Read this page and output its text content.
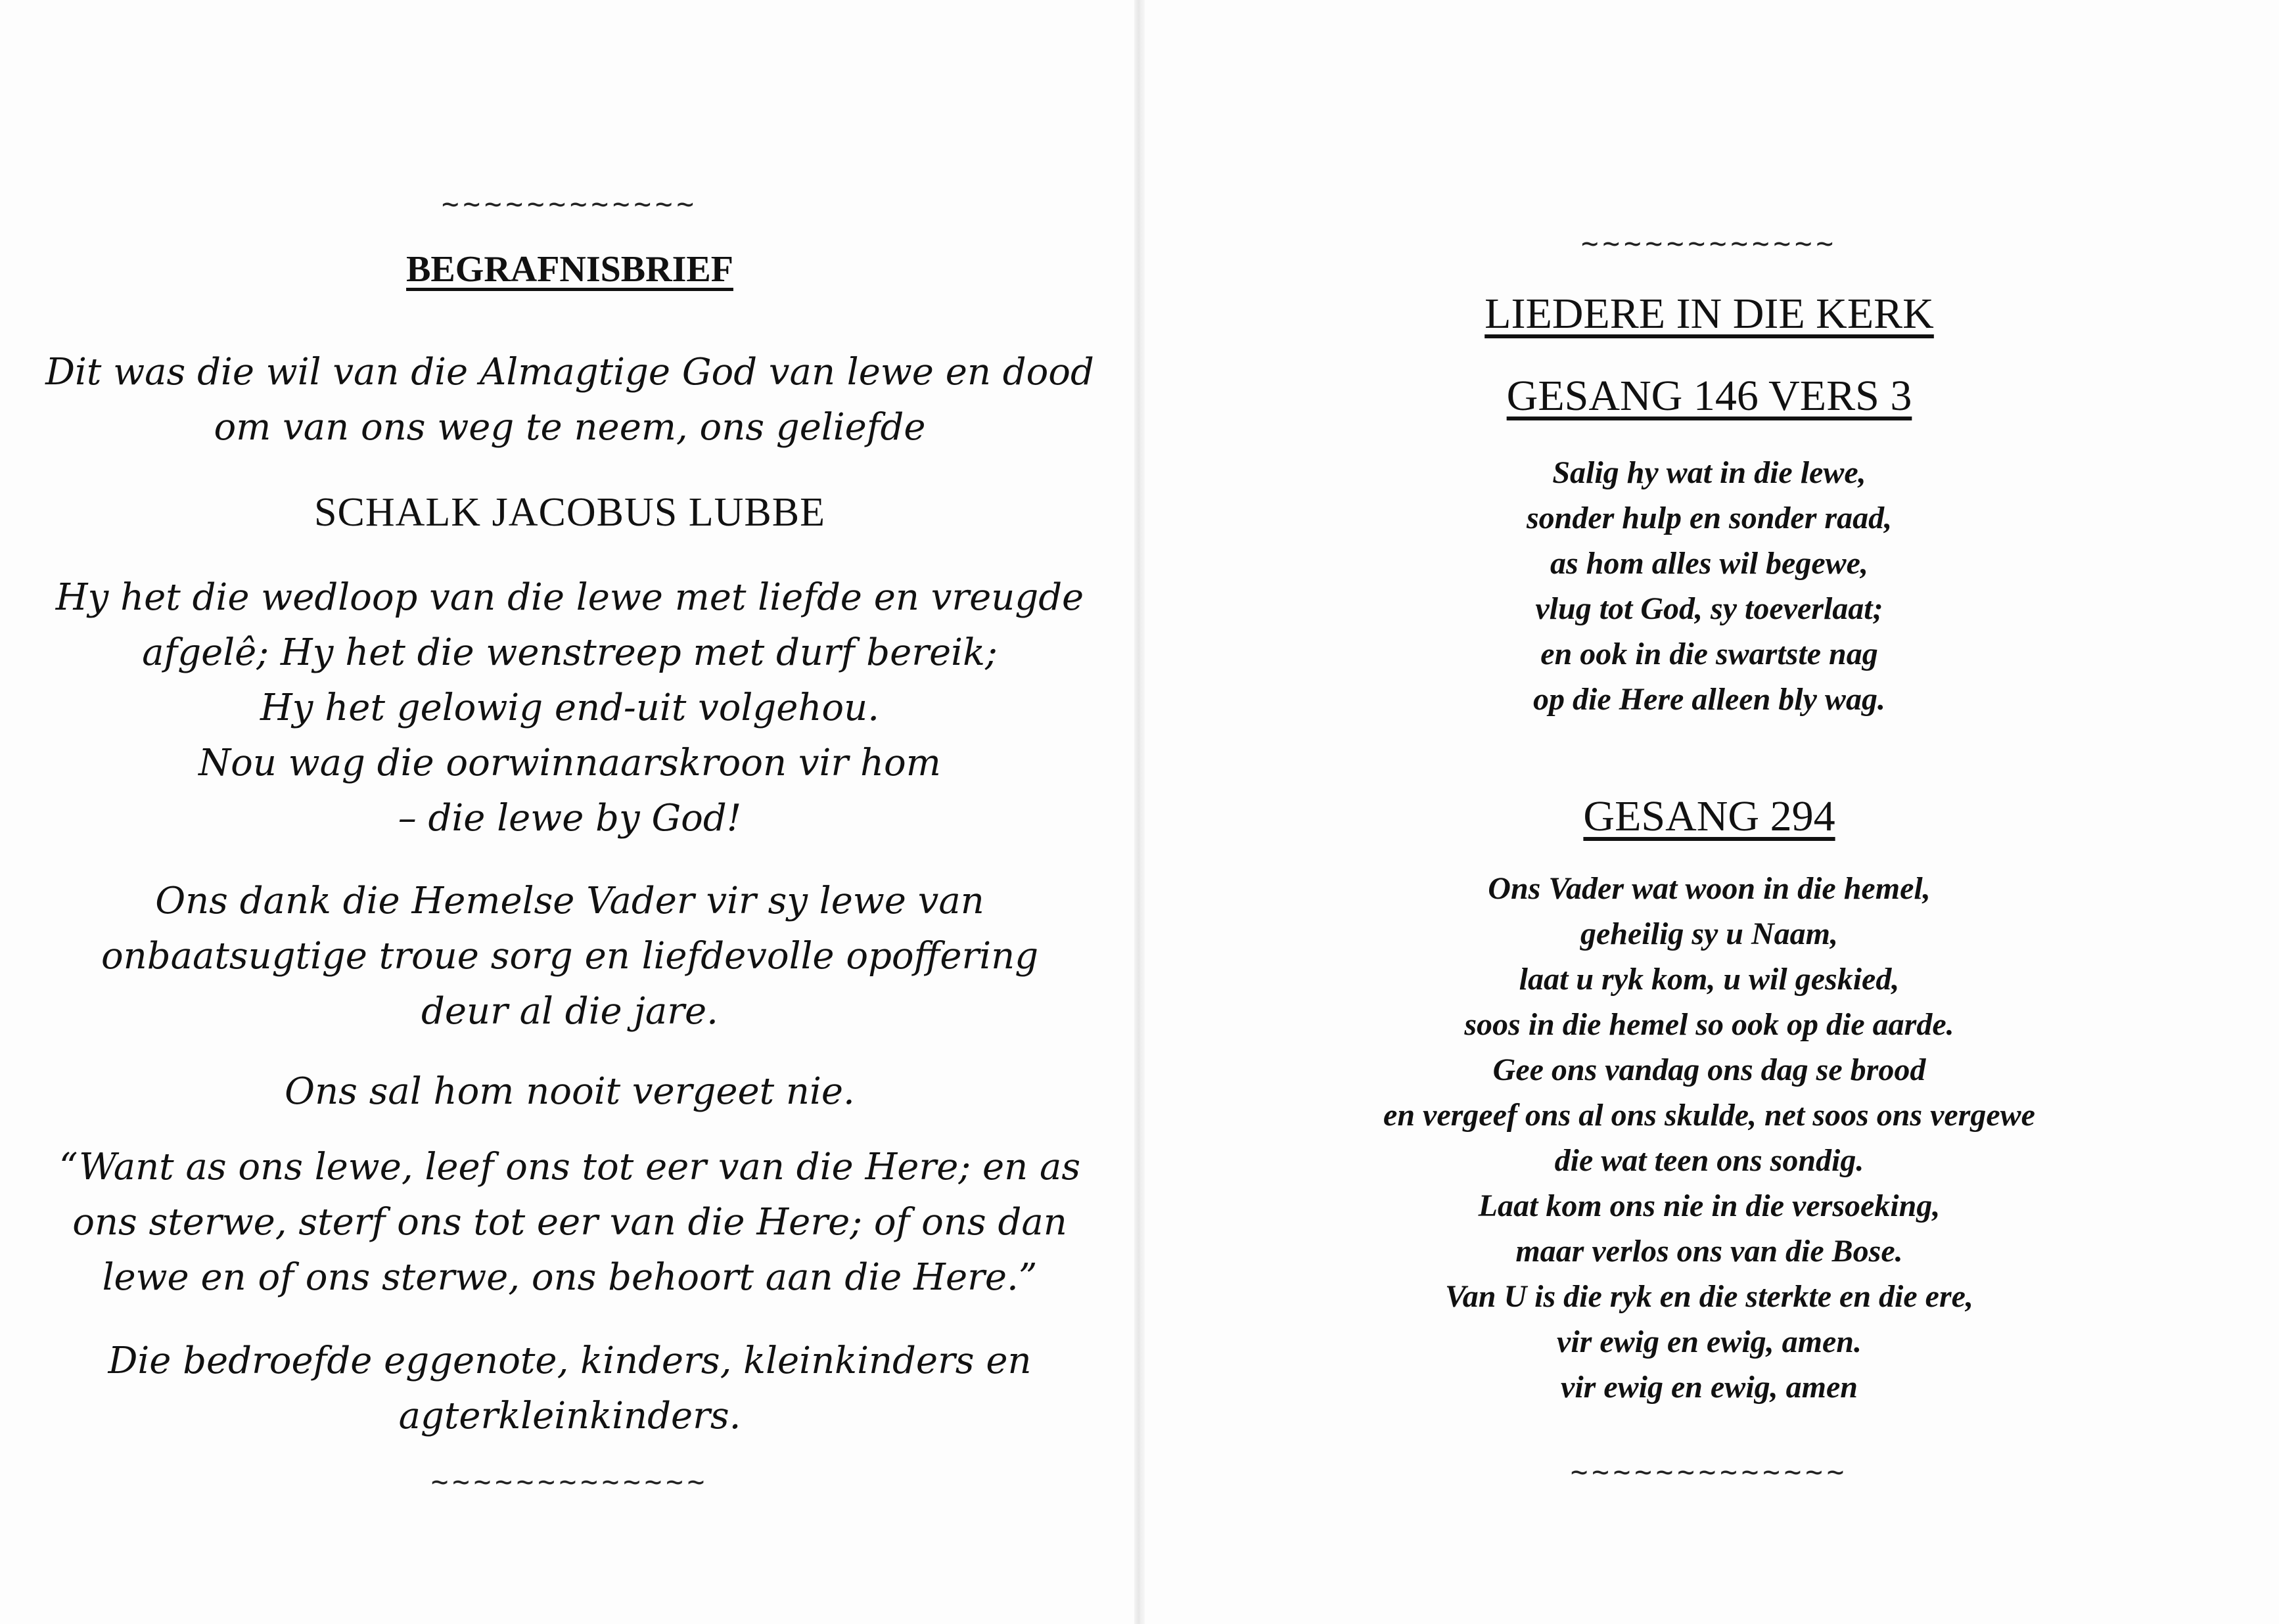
~~~~~~~~~~~~
BEGRAFNISBRIEF
Dit was die wil van die Almagtige God van lewe en dood
om van ons weg te neem, ons geliefde
SCHALK JACOBUS LUBBE
Hy het die wedloop van die lewe met liefde en vreugde
afgelê; Hy het die wenstreep met durf bereik;
Hy het gelowig end-uit volgehou.
Nou wag die oorwinnaarskroon vir hom
– die lewe by God!
Ons dank die Hemelse Vader vir sy lewe van
onbaatsugtige troue sorg en liefdevolle opoffering
deur al die jare.
Ons sal hom nooit vergeet nie.
“Want as ons lewe, leef ons tot eer van die Here; en as
ons sterwe, sterf ons tot eer van die Here; of ons dan
lewe en of ons sterwe, ons behoort aan die Here.”
Die bedroefde eggenote, kinders, kleinkinders en
agterkleinkinders.
~~~~~~~~~~~~~
~~~~~~~~~~~~
LIEDERE IN DIE KERK
GESANG 146 VERS 3
Salig hy wat in die lewe,
sonder hulp en sonder raad,
as hom alles wil begewe,
vlug tot God, sy toeverlaat;
en ook in die swartste nag
op die Here alleen bly wag.
GESANG 294
Ons Vader wat woon in die hemel,
geheilig sy u Naam,
laat u ryk kom, u wil geskied,
soos in die hemel so ook op die aarde.
Gee ons vandag ons dag se brood
en vergeef ons al ons skulde, net soos ons vergewe
die wat teen ons sondig.
Laat kom ons nie in die versoeking,
maar verlos ons van die Bose.
Van U is die ryk en die sterkte en die ere,
vir ewig en ewig, amen.
vir ewig en ewig, amen
~~~~~~~~~~~~~
